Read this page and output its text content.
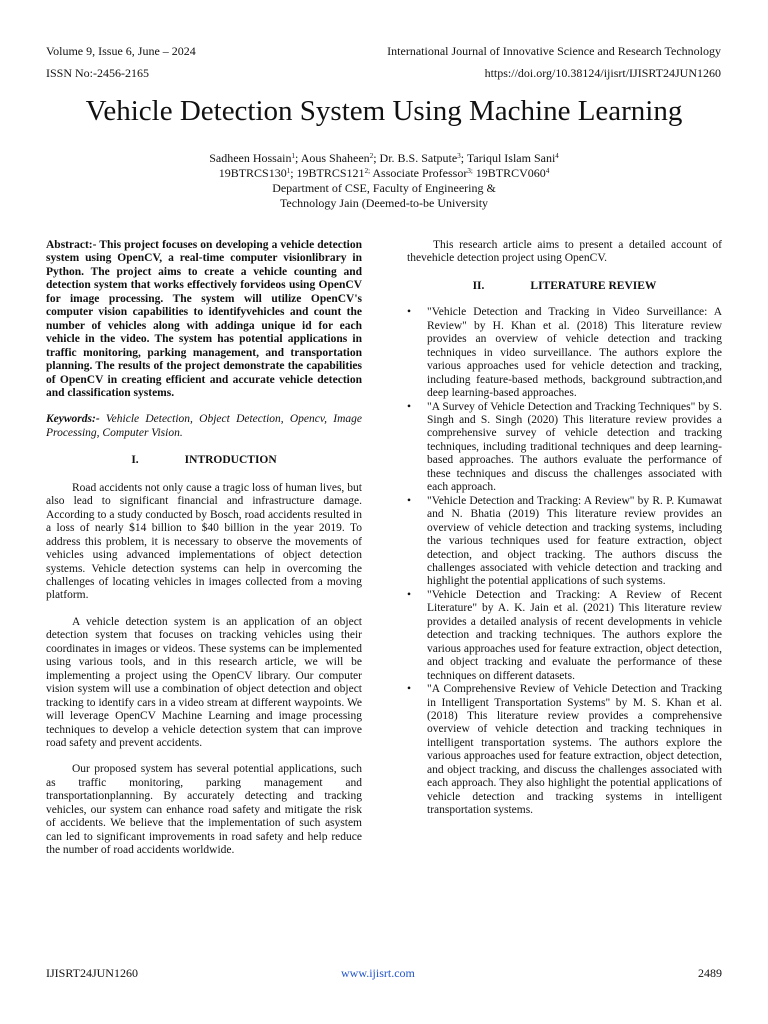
Volume 9, Issue 6, June – 2024	International Journal of Innovative Science and Research Technology
ISSN No:-2456-2165	https://doi.org/10.38124/ijisrt/IJISRT24JUN1260
Vehicle Detection System Using Machine Learning
Sadheen Hossain$^1$; Aous Shaheen$^2$; Dr. B.S. Satpute$^3$; Tariqul Islam Sani$^4$
$19BTRCS130^1$; $19BTRCS121^{2;}$ Associate Professor$^{3;}$ $19BTRCV060^4$
Department of CSE, Faculty of Engineering &
Technology Jain (Deemed-to-be University

Abstract:- This project focuses on developing a vehicle detection system using OpenCV, a real-time computer visionlibrary in Python. The project aims to create a vehicle counting and detection system that works effectively forvideos using OpenCV for image processing. The system will utilize OpenCV's computer vision capabilities to identifyvehicles and count the number of vehicles along with addinga unique id for each vehicle in the video. The system has potential applications in traffic monitoring, parking management, and transportation planning. The results of the project demonstrate the capabilities of OpenCV in creating efficient and accurate vehicle detection and classification systems.

Keywords:- Vehicle Detection, Object Detection, Opencv, Image Processing, Computer Vision.

I.	INTRODUCTION

Road accidents not only cause a tragic loss of human lives, but also lead to significant financial and infrastructure damage. According to a study conducted by Bosch, road accidents resulted in a loss of nearly $14 billion to $40 billion in the year 2019. To address this problem, it is necessary to observe the movements of vehicles using advanced implementations of object detection systems. Vehicle detection systems can help in overcoming the challenges of locating vehicles in images collected from a moving platform.

A vehicle detection system is an application of an object detection system that focuses on tracking vehicles using their coordinates in images or videos. These systems can be implemented using various tools, and in this research article, we will be implementing a project using the OpenCV library. Our computer vision system will use a combination of object detection and object tracking to identify cars in a video stream at different waypoints. We will leverage OpenCV Machine Learning and image processing techniques to develop a vehicle detection system that can improve road safety and prevent accidents.

Our proposed system has several potential applications, such as traffic monitoring, parking management and transportationplanning. By accurately detecting and tracking vehicles, our system can enhance road safety and mitigate the risk of accidents. We believe that the implementation of such asystem can led to significant improvements in road safety and help reduce the number of road accidents worldwide.

This research article aims to present a detailed account of thevehicle detection project using OpenCV.

II.	LITERATURE REVIEW
• "Vehicle Detection and Tracking in Video Surveillance: A Review" by H. Khan et al. (2018) This literature review provides an overview of vehicle detection and tracking techniques in video surveillance. The authors explore the various approaches used for vehicle detection and tracking, including feature-based methods, background subtraction,and deep learning-based approaches.
• "A Survey of Vehicle Detection and Tracking Techniques" by S. Singh and S. Singh (2020) This literature review provides a comprehensive survey of vehicle detection and tracking techniques, including traditional techniques and deep learning-based approaches. The authors evaluate the performance of these techniques and discuss the challenges associated with each approach.
• "Vehicle Detection and Tracking: A Review" by R. P. Kumawat and N. Bhatia (2019) This literature review provides an overview of vehicle detection and tracking systems, including the various techniques used for feature extraction, object detection, and object tracking. The authors discuss the challenges associated with vehicle detection and tracking and highlight the potential applications of such systems.
• "Vehicle Detection and Tracking: A Review of Recent Literature" by A. K. Jain et al. (2021) This literature review provides a detailed analysis of recent developments in vehicle detection and tracking techniques. The authors explore the various approaches used for feature extraction, object detection, and object tracking and evaluate the performance of these techniques on different datasets.
• "A Comprehensive Review of Vehicle Detection and Tracking in Intelligent Transportation Systems" by M. S. Khan et al. (2018) This literature review provides a comprehensive overview of vehicle detection and tracking techniques in intelligent transportation systems. The authors explore the various approaches used for feature extraction, object detection, and object tracking, and discuss the challenges associated with each approach. They also highlight the potential applications of vehicle detection and tracking systems in intelligent transportation systems.
IJISRT24JUN1260	www.ijisrt.com	2489
